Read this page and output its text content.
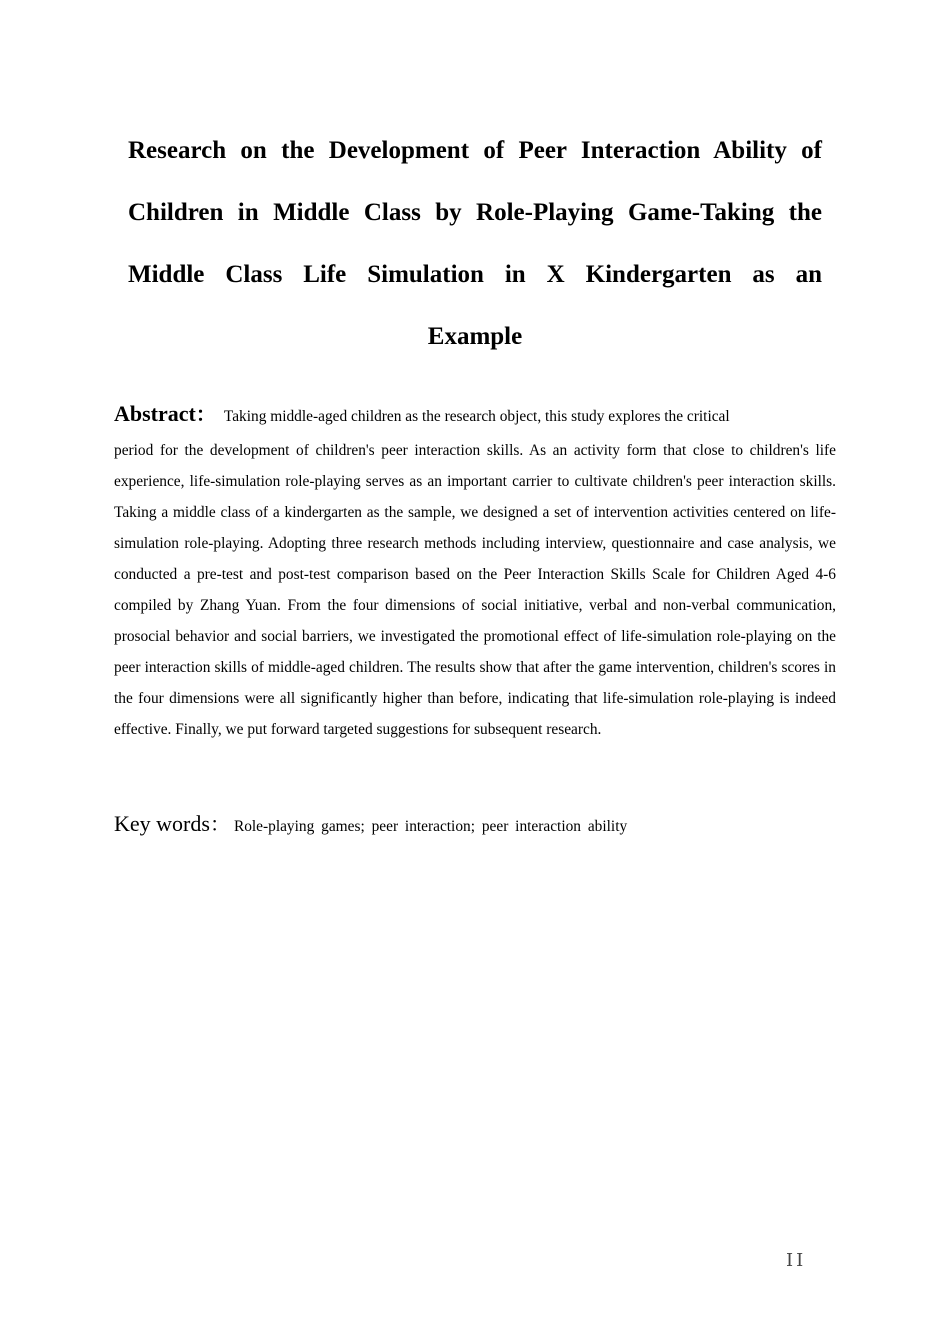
Research on the Development of Peer Interaction Ability of Children in Middle Class by Role-Playing Game-Taking the Middle Class Life Simulation in X Kindergarten as an Example
Abstract： Taking middle-aged children as the research object, this study explores the critical
period for the development of children's peer interaction skills. As an activity form that close to children's life experience, life-simulation role-playing serves as an important carrier to cultivate children's peer interaction skills. Taking a middle class of a kindergarten as the sample, we designed a set of intervention activities centered on life-simulation role-playing. Adopting three research methods including interview, questionnaire and case analysis, we conducted a pre-test and post-test comparison based on the Peer Interaction Skills Scale for Children Aged 4-6 compiled by Zhang Yuan. From the four dimensions of social initiative, verbal and non-verbal communication, prosocial behavior and social barriers, we investigated the promotional effect of life-simulation role-playing on the peer interaction skills of middle-aged children. The results show that after the game intervention, children's scores in the four dimensions were all significantly higher than before, indicating that life-simulation role-playing is indeed effective. Finally, we put forward targeted suggestions for subsequent research.

Key words： Role-playing games; peer interaction; peer interaction ability

II
